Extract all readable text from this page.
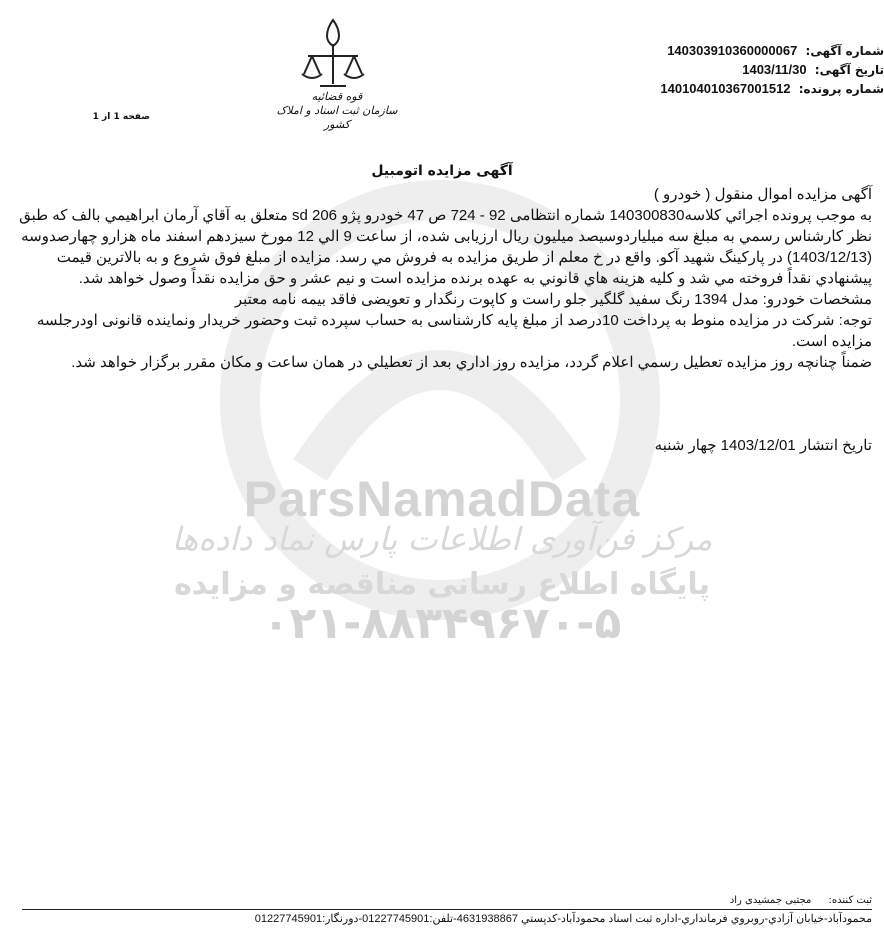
ParsNamadData
مرکز فن‌آوری اطلاعات پارس نماد داده‌ها
پایگاه اطلاع رسانی مناقصه و مزایده
۰۲۱-۸۸۳۴۹۶۷۰-۵
قوه قضائیه
سازمان ثبت اسناد و املاک کشور
شماره آگهی: 140303910360000067
تاریخ آگهی: 1403/11/30
شماره پرونده: 140104010367001512
صفحه 1 از 1
آگهی مزایده اتومبیل

آگهی مزایده اموال منقول ( خودرو )

به موجب پرونده اجرائي کلاسه140300830 شماره انتظامی 92 - 724 ص 47 خودرو پژو 206 sd متعلق به آقاي آرمان ابراهیمي بالف که طبق نظر کارشناس رسمي به مبلغ سه میلیاردوسیصد میلیون ریال ارزیابی شده، از ساعت 9 الي 12 مورخ سیزدهم اسفند ماه هزارو چهارصدوسه (1403/12/13) در پارکینگ شهید آکو. واقع در خ معلم از طریق مزایده به فروش مي رسد. مزایده از مبلغ فوق شروع و به بالاترین قیمت پیشنهادي نقداً فروخته مي شد و کلیه هزینه هاي قانوني به عهده برنده مزایده است و نیم عشر و حق مزایده نقداً وصول خواهد شد.

مشخصات خودرو: مدل 1394 رنگ سفید گلگیر جلو راست و کاپوت رنگدار و تعویضی فاقد بیمه نامه معتبر

توجه: شرکت در مزایده منوط به پرداخت 10درصد از مبلغ پایه کارشناسی به حساب سپرده ثبت وحضور خریدار ونماینده قانونی اودرجلسه مزایده است.

ضمناً چنانچه روز مزایده تعطیل رسمي اعلام گردد، مزایده روز اداري بعد از تعطیلي در همان ساعت و مکان مقرر برگزار خواهد شد.

تاریخ انتشار 1403/12/01 چهار شنبه
ثبت کننده: مجتبی جمشیدی راد
محمودآباد-خیابان آزادي-روبروي فرمانداري-اداره ثبت اسناد محمودآباد-کدپستي 4631938867-تلفن:01227745901-دورنگار:01227745901
